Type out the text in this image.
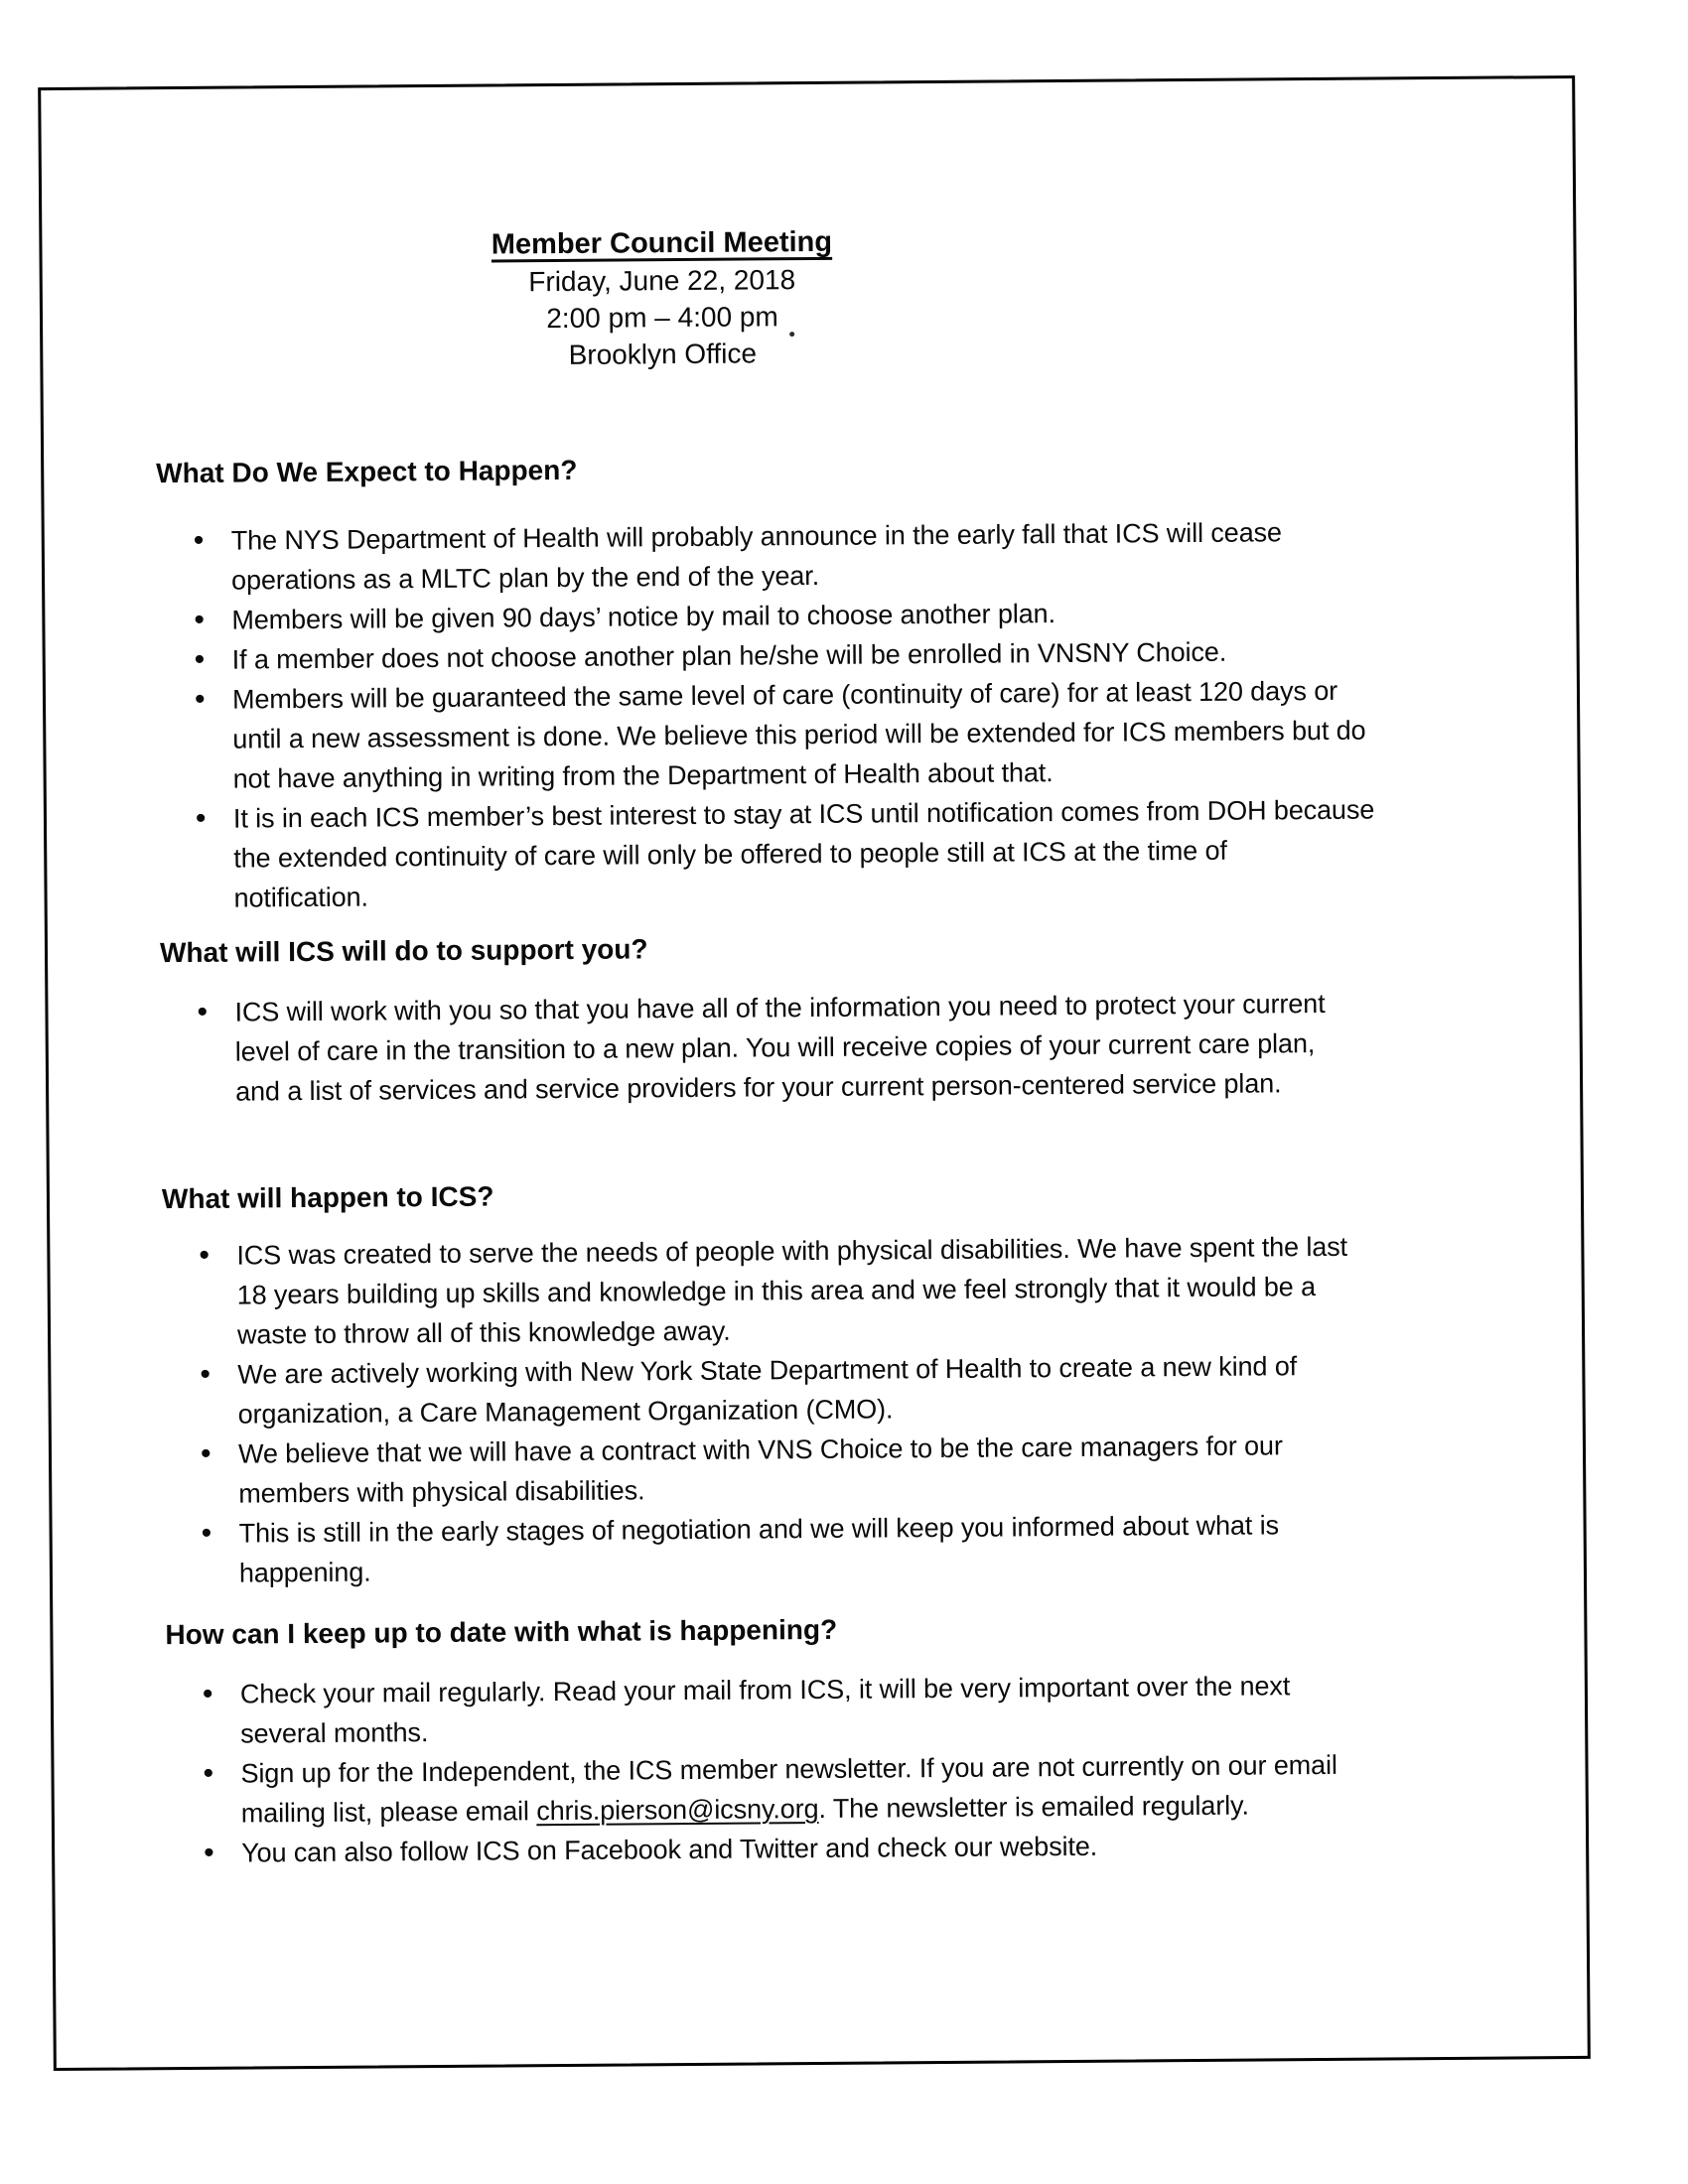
Member Council Meeting
Friday, June 22, 2018
2:00 pm – 4:00 pm
Brooklyn Office
What Do We Expect to Happen?
• The NYS Department of Health will probably announce in the early fall that ICS will cease
operations as a MLTC plan by the end of the year.
• Members will be given 90 days’ notice by mail to choose another plan.
• If a member does not choose another plan he/she will be enrolled in VNSNY Choice.
• Members will be guaranteed the same level of care (continuity of care) for at least 120 days or
until a new assessment is done. We believe this period will be extended for ICS members but do
not have anything in writing from the Department of Health about that.
• It is in each ICS member’s best interest to stay at ICS until notification comes from DOH because
the extended continuity of care will only be offered to people still at ICS at the time of
notification.
What will ICS will do to support you?
• ICS will work with you so that you have all of the information you need to protect your current
level of care in the transition to a new plan. You will receive copies of your current care plan,
and a list of services and service providers for your current person-centered service plan.
What will happen to ICS?
• ICS was created to serve the needs of people with physical disabilities. We have spent the last
18 years building up skills and knowledge in this area and we feel strongly that it would be a
waste to throw all of this knowledge away.
• We are actively working with New York State Department of Health to create a new kind of
organization, a Care Management Organization (CMO).
• We believe that we will have a contract with VNS Choice to be the care managers for our
members with physical disabilities.
• This is still in the early stages of negotiation and we will keep you informed about what is
happening.
How can I keep up to date with what is happening?
• Check your mail regularly. Read your mail from ICS, it will be very important over the next
several months.
• Sign up for the Independent, the ICS member newsletter. If you are not currently on our email
mailing list, please email chris.pierson@icsny.org. The newsletter is emailed regularly.
• You can also follow ICS on Facebook and Twitter and check our website.
